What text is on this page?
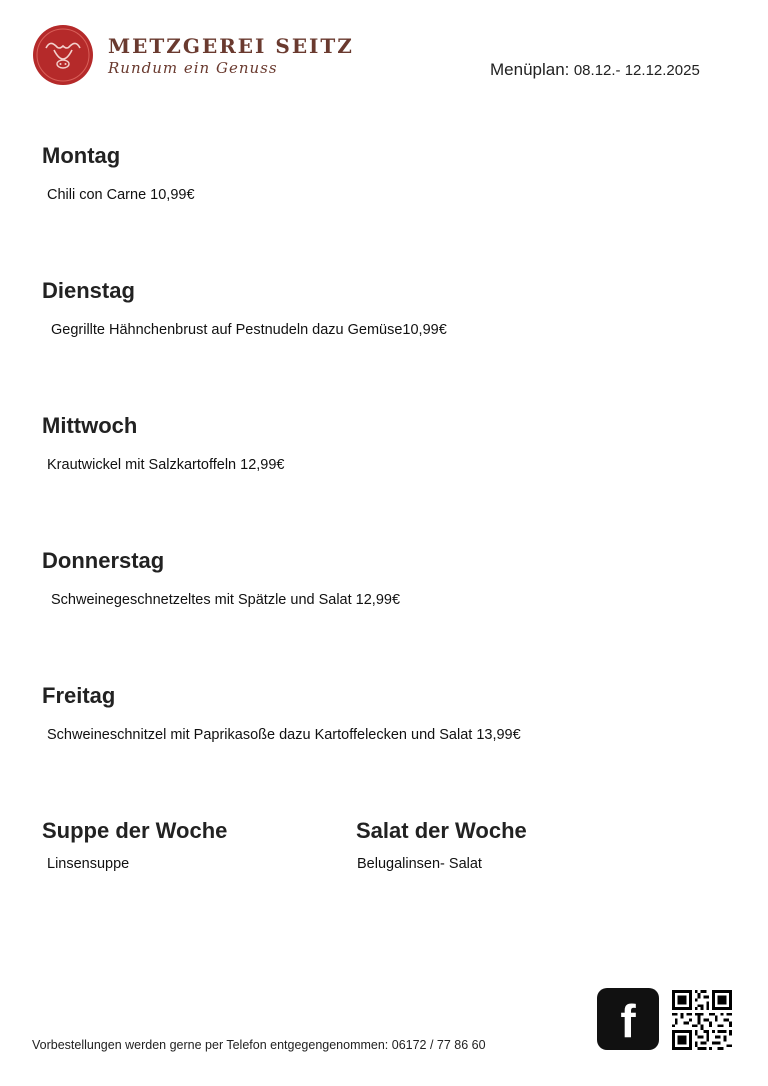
METZGEREI SEITZ
Rundum ein Genuss	Menüplan: 08.12.- 12.12.2025
Montag
Chili con Carne 10,99€
Dienstag
Gegrillte Hähnchenbrust auf Pestnudeln dazu Gemüse10,99€
Mittwoch
Krautwickel mit Salzkartoffeln 12,99€
Donnerstag
Schweinegeschnetzeltes mit Spätzle und Salat 12,99€
Freitag
Schweineschnitzel mit Paprikasoße dazu Kartoffelecken und Salat 13,99€
Suppe der Woche
Linsensuppe
Salat der Woche
Belugalinsen- Salat
Vorbestellungen werden gerne per Telefon entgegengenommen: 06172 / 77 86 60	f
